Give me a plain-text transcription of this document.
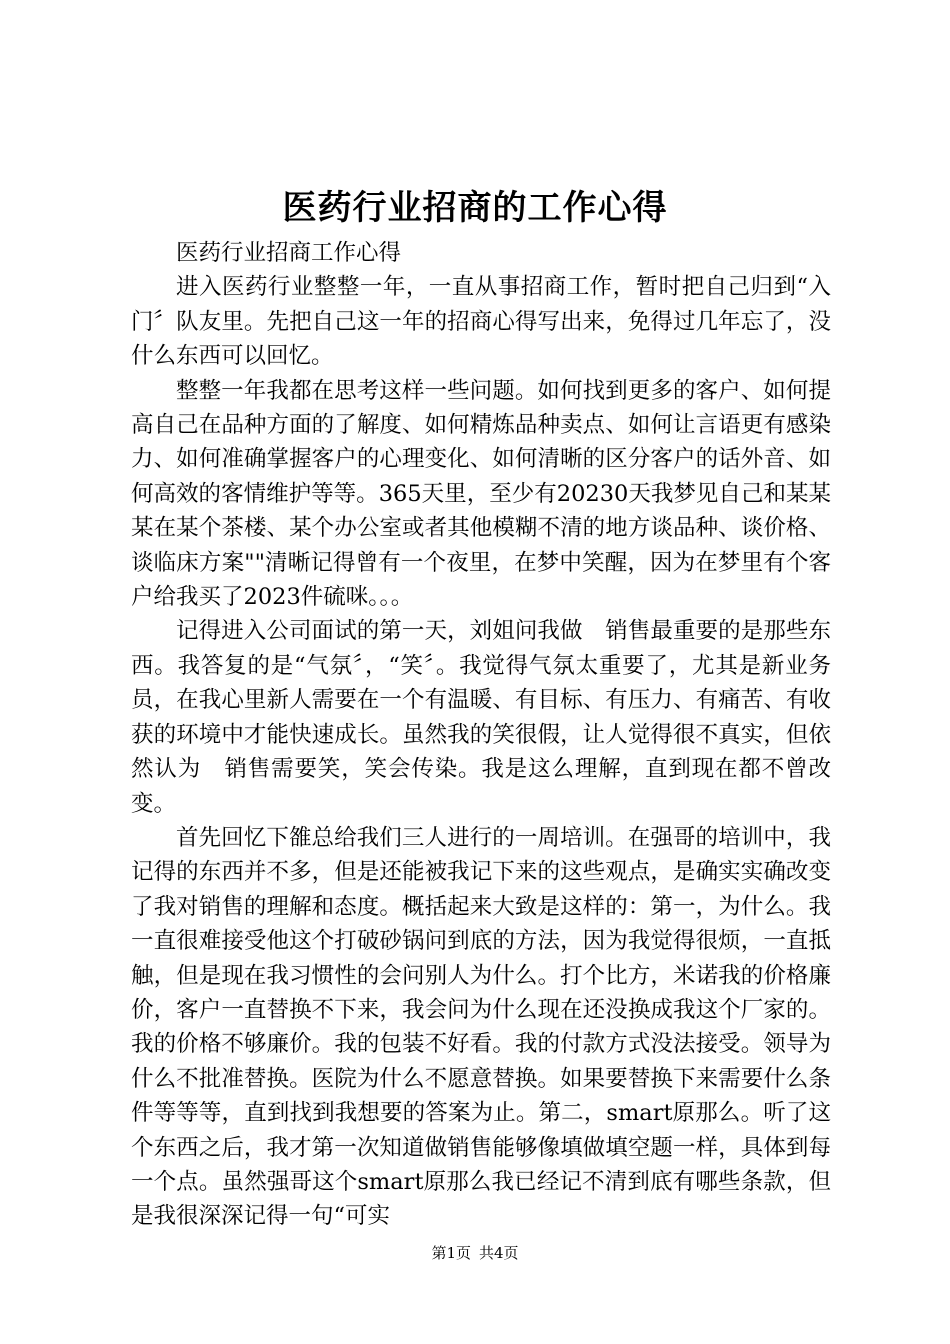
医药行业招商的工作心得

医药行业招商工作心得

进入医药行业整整一年，一直从事招商工作，暂时把自己归到“入门〞队友里。先把自己这一年的招商心得写出来，免得过几年忘了，没什么东西可以回忆。

整整一年我都在思考这样一些问题。如何找到更多的客户、如何提高自己在品种方面的了解度、如何精炼品种卖点、如何让言语更有感染力、如何准确掌握客户的心理变化、如何清晰的区分客户的话外音、如何高效的客情维护等等。365天里，至少有20230天我梦见自己和某某某在某个茶楼、某个办公室或者其他模糊不清的地方谈品种、谈价格、谈临床方案""清晰记得曾有一个夜里，在梦中笑醒，因为在梦里有个客户给我买了2023件硫咪。。。

记得进入公司面试的第一天，刘姐问我做　销售最重要的是那些东西。我答复的是“气氛〞，“笑〞。我觉得气氛太重要了，尤其是新业务员，在我心里新人需要在一个有温暖、有目标、有压力、有痛苦、有收获的环境中才能快速成长。虽然我的笑很假，让人觉得很不真实，但依然认为　销售需要笑，笑会传染。我是这么理解，直到现在都不曾改变。

首先回忆下雒总给我们三人进行的一周培训。在强哥的培训中，我记得的东西并不多，但是还能被我记下来的这些观点，是确实实确改变了我对销售的理解和态度。概括起来大致是这样的：第一，为什么。我一直很难接受他这个打破砂锅问到底的方法，因为我觉得很烦，一直抵触，但是现在我习惯性的会问别人为什么。打个比方，米诺我的价格廉价，客户一直替换不下来，我会问为什么现在还没换成我这个厂家的。我的价格不够廉价。我的包装不好看。我的付款方式没法接受。领导为什么不批准替换。医院为什么不愿意替换。如果要替换下来需要什么条件等等等，直到找到我想要的答案为止。第二，smart原那么。听了这个东西之后，我才第一次知道做销售能够像填做填空题一样，具体到每一个点。虽然强哥这个smart原那么我已经记不清到底有哪些条款，但是我很深深记得一句“可实

第1页 共4页
